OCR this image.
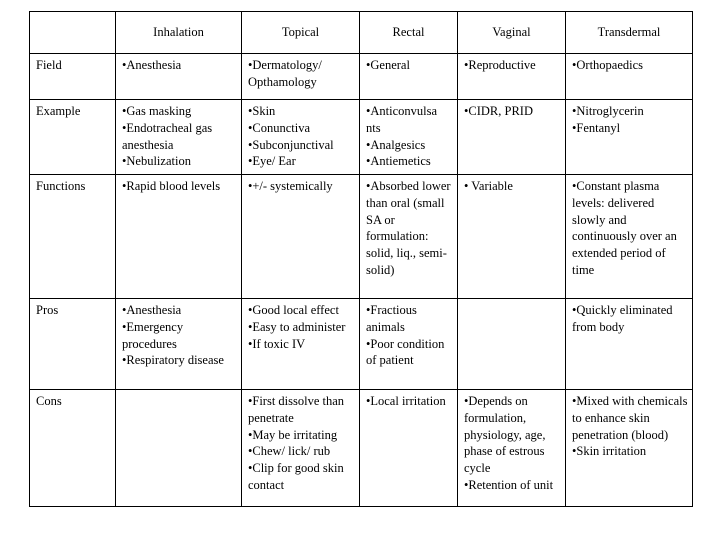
	Inhalation	Topical	Rectal	Vaginal	Transdermal
Field	•Anesthesia	•Dermatology/ Opthamology	•General	•Reproductive	•Orthopaedics

Example	•Gas masking
•Endotracheal gas anesthesia
•Nebulization	•Skin
•Conunctiva
•Subconjunctival
•Eye/ Ear	•Anticonvulsa nts
•Analgesics
•Antiemetics	•CIDR, PRID	•Nitroglycerin
•Fentanyl

Functions	•Rapid blood levels	•+/- systemically	•Absorbed lower than oral (small SA or formulation: solid, liq., semi-solid)	• Variable	•Constant plasma levels: delivered slowly and continuously over an extended period of time

Pros	•Anesthesia
•Emergency procedures
•Respiratory disease	•Good local effect
•Easy to administer
•If toxic IV	•Fractious animals
•Poor condition of patient		•Quickly eliminated from body

Cons		•First dissolve than penetrate
•May be irritating
•Chew/ lick/ rub
•Clip for good skin contact	•Local irritation	•Depends on formulation, physiology, age, phase of estrous cycle
•Retention of unit	•Mixed with chemicals to enhance skin penetration (blood)
•Skin irritation
